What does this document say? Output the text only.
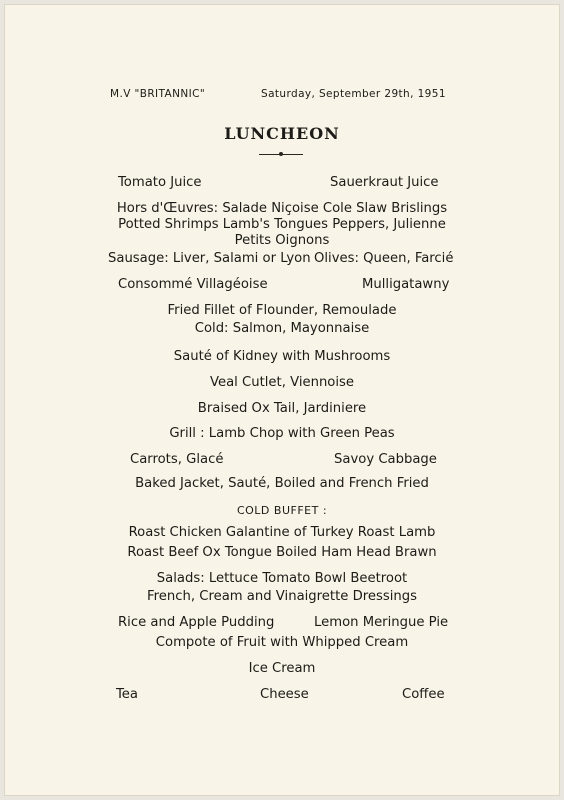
M.V "BRITANNIC"	Saturday, September 29th, 1951
LUNCHEON
Tomato Juice	Sauerkraut Juice
Hors d'Œuvres: Salade Niçoise Cole Slaw Brislings
Potted Shrimps Lamb's Tongues Peppers, Julienne
Petits Oignons
Sausage: Liver, Salami or Lyon Olives: Queen, Farcié
Consommé Villagéoise	Mulligatawny
Fried Fillet of Flounder, Remoulade
Cold: Salmon, Mayonnaise
Sauté of Kidney with Mushrooms
Veal Cutlet, Viennoise
Braised Ox Tail, Jardiniere
Grill : Lamb Chop with Green Peas
Carrots, Glacé	Savoy Cabbage
Baked Jacket, Sauté, Boiled and French Fried
COLD BUFFET :
Roast Chicken Galantine of Turkey Roast Lamb
Roast Beef Ox Tongue Boiled Ham Head Brawn
Salads: Lettuce Tomato Bowl Beetroot
French, Cream and Vinaigrette Dressings
Rice and Apple Pudding	Lemon Meringue Pie
Compote of Fruit with Whipped Cream
Ice Cream
Tea	Cheese	Coffee
